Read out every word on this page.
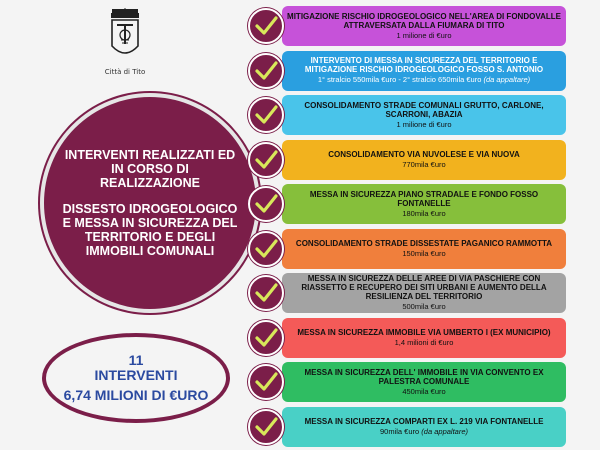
Città di Tito
INTERVENTI REALIZZATI ED IN CORSO DI REALIZZAZIONE
DISSESTO IDROGEOLOGICO E MESSA IN SICUREZZA DEL TERRITORIO E DEGLI IMMOBILI COMUNALI
11
INTERVENTI
6,74 MILIONI DI €URO
MITIGAZIONE RISCHIO IDROGEOLOGICO NELL'AREA DI FONDOVALLE ATTRAVERSATA DALLA FIUMARA DI TITO
1 milione di €uro
INTERVENTO DI MESSA IN SICUREZZA DEL TERRITORIO E MITIGAZIONE RISCHIO IDROGEOLOGICO FOSSO S. ANTONIO
1° stralcio 550mila €uro - 2° stralcio 650mila €uro (da appaltare)
CONSOLIDAMENTO STRADE COMUNALI GRUTTO, CARLONE, SCARRONI, ABAZIA
1 milione di €uro
CONSOLIDAMENTO VIA NUVOLESE E VIA NUOVA
770mila €uro
MESSA IN SICUREZZA PIANO STRADALE E FONDO FOSSO FONTANELLE
180mila €uro
CONSOLIDAMENTO STRADE DISSESTATE PAGANICO RAMMOTTA
150mila €uro
MESSA IN SICUREZZA DELLE AREE DI VIA PASCHIERE CON RIASSETTO E RECUPERO DEI SITI URBANI E AUMENTO DELLA RESILIENZA DEL TERRITORIO
500mila €uro
MESSA IN SICUREZZA IMMOBILE VIA UMBERTO I (EX MUNICIPIO)
1,4 milioni di €uro
MESSA IN SICUREZZA DELL' IMMOBILE IN VIA CONVENTO EX PALESTRA COMUNALE
450mila €uro
MESSA IN SICUREZZA COMPARTI EX L. 219 VIA FONTANELLE
90mila €uro (da appaltare)
